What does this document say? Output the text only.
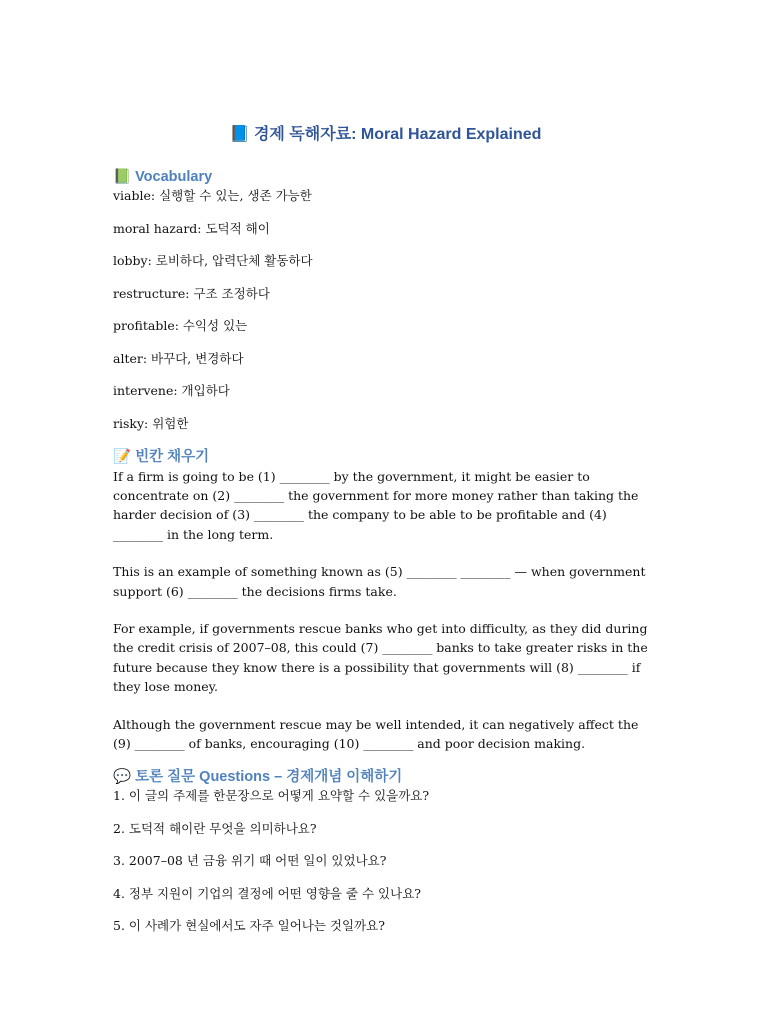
📘 경제 독해자료: Moral Hazard Explained
📗 Vocabulary

viable: 실행할 수 있는, 생존 가능한

moral hazard: 도덕적 해이

lobby: 로비하다, 압력단체 활동하다

restructure: 구조 조정하다

profitable: 수익성 있는

alter: 바꾸다, 변경하다

intervene: 개입하다

risky: 위험한

📝 빈칸 채우기

If a firm is going to be (1) ________ by the government, it might be easier to concentrate on (2) ________ the government for more money rather than taking the harder decision of (3) ________ the company to be able to be profitable and (4) ________ in the long term.

This is an example of something known as (5) ________ ________ — when government support (6) ________ the decisions firms take.

For example, if governments rescue banks who get into difficulty, as they did during the credit crisis of 2007–08, this could (7) ________ banks to take greater risks in the future because they know there is a possibility that governments will (8) ________ if they lose money.

Although the government rescue may be well intended, it can negatively affect the (9) ________ of banks, encouraging (10) ________ and poor decision making.

💬 토론 질문 Questions – 경제개념 이해하기

1. 이 글의 주제를 한문장으로 어떻게 요약할 수 있을까요?

2. 도덕적 해이란 무엇을 의미하나요?

3. 2007–08 년 금융 위기 때 어떤 일이 있었나요?

4. 정부 지원이 기업의 결정에 어떤 영향을 줄 수 있나요?

5. 이 사례가 현실에서도 자주 일어나는 것일까요?
